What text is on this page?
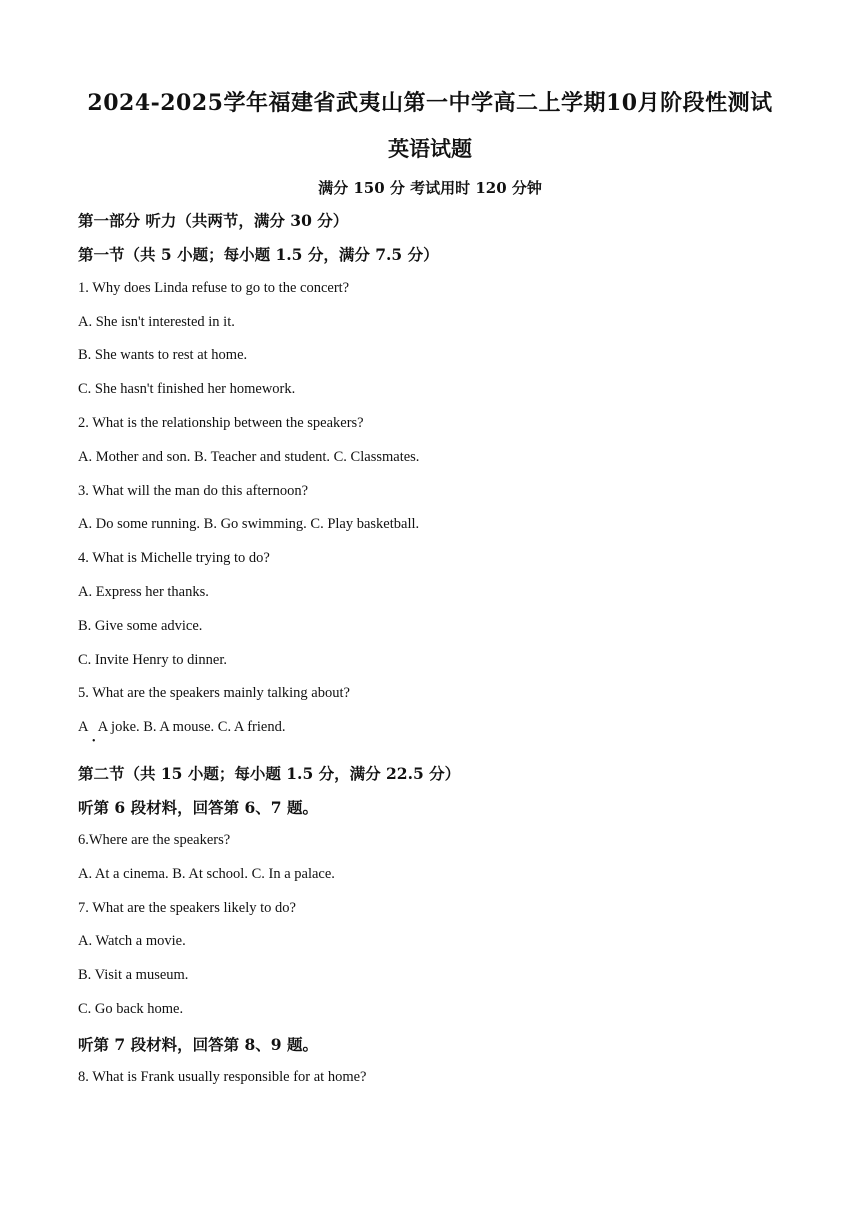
2024-2025学年福建省武夷山第一中学高二上学期10月阶段性测试
英语试题
满分 150 分 考试用时 120 分钟
第一部分 听力（共两节，满分 30 分）
第一节（共 5 小题；每小题 1.5 分，满分 7.5 分）
1. Why does Linda refuse to go to the concert?
A. She isn't interested in it.
B. She wants to rest at home.
C. She hasn't finished her homework.
2. What is the relationship between the speakers?
A. Mother and son. B. Teacher and student. C. Classmates.
3. What will the man do this afternoon?
A. Do some running. B. Go swimming. C. Play basketball.
4. What is Michelle trying to do?
A. Express her thanks.
B. Give some advice.
C. Invite Henry to dinner.
5. What are the speakers mainly talking about?
A   A joke. B. A mouse. C. A friend.
•
第二节（共 15 小题；每小题 1.5 分，满分 22.5 分）
听第 6 段材料，回答第 6、7 题。
6.Where are the speakers?
A. At a cinema. B. At school. C. In a palace.
7. What are the speakers likely to do?
A. Watch a movie.
B. Visit a museum.
C. Go back home.
听第 7 段材料，回答第 8、9 题。
8. What is Frank usually responsible for at home?
